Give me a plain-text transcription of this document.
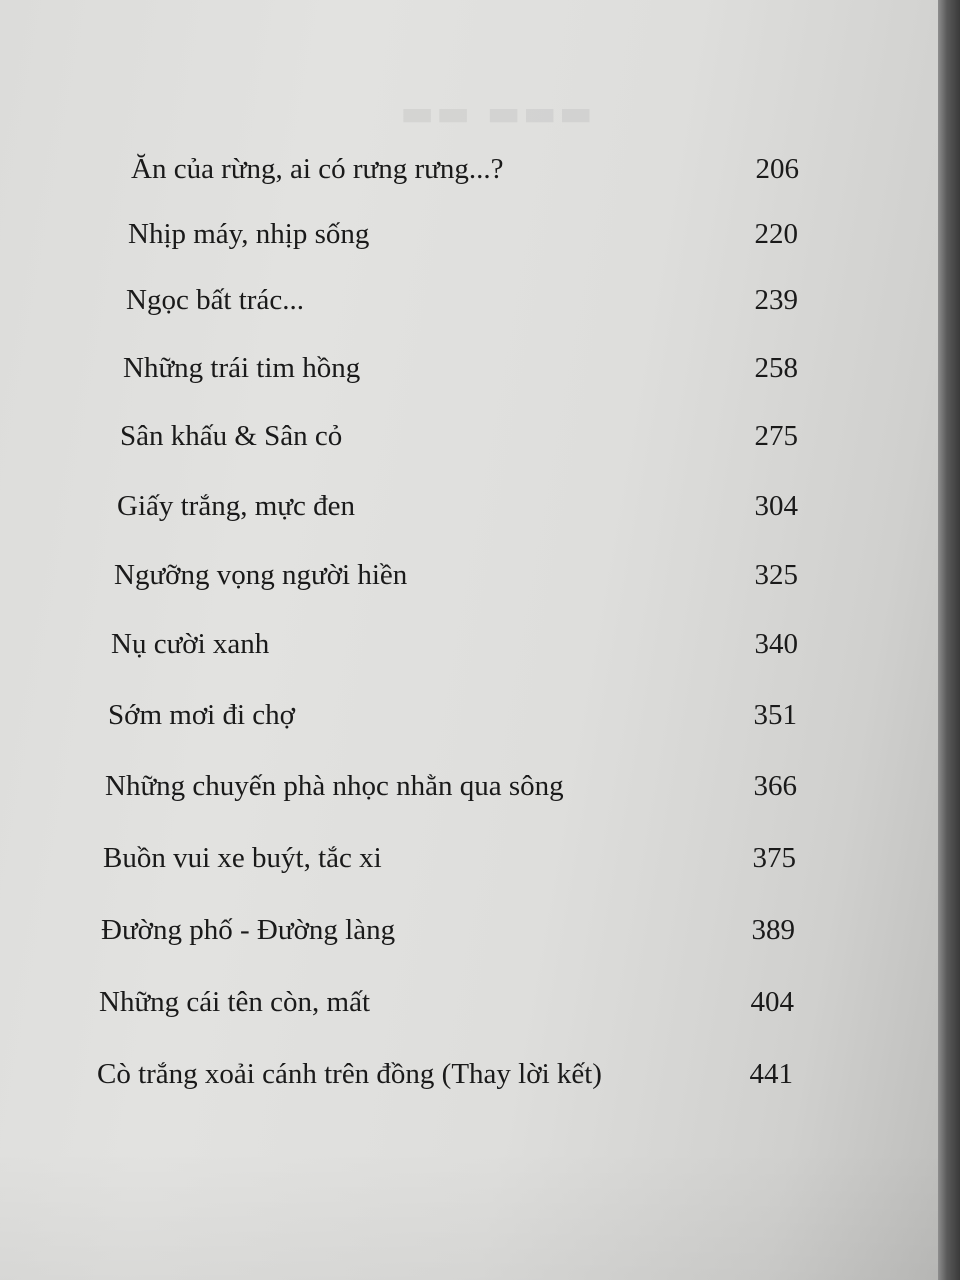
▬▬ ▬▬▬
Ăn của rừng, ai có rưng rưng...?	206
Nhịp máy, nhịp sống	220
Ngọc bất trác...	239
Những trái tim hồng	258
Sân khấu & Sân cỏ	275
Giấy trắng, mực đen	304
Ngưỡng vọng người hiền	325
Nụ cười xanh	340
Sớm mơi đi chợ	351
Những chuyến phà nhọc nhằn qua sông	366
Buồn vui xe buýt, tắc xi	375
Đường phố - Đường làng	389
Những cái tên còn, mất	404
Cò trắng xoải cánh trên đồng (Thay lời kết)	441
